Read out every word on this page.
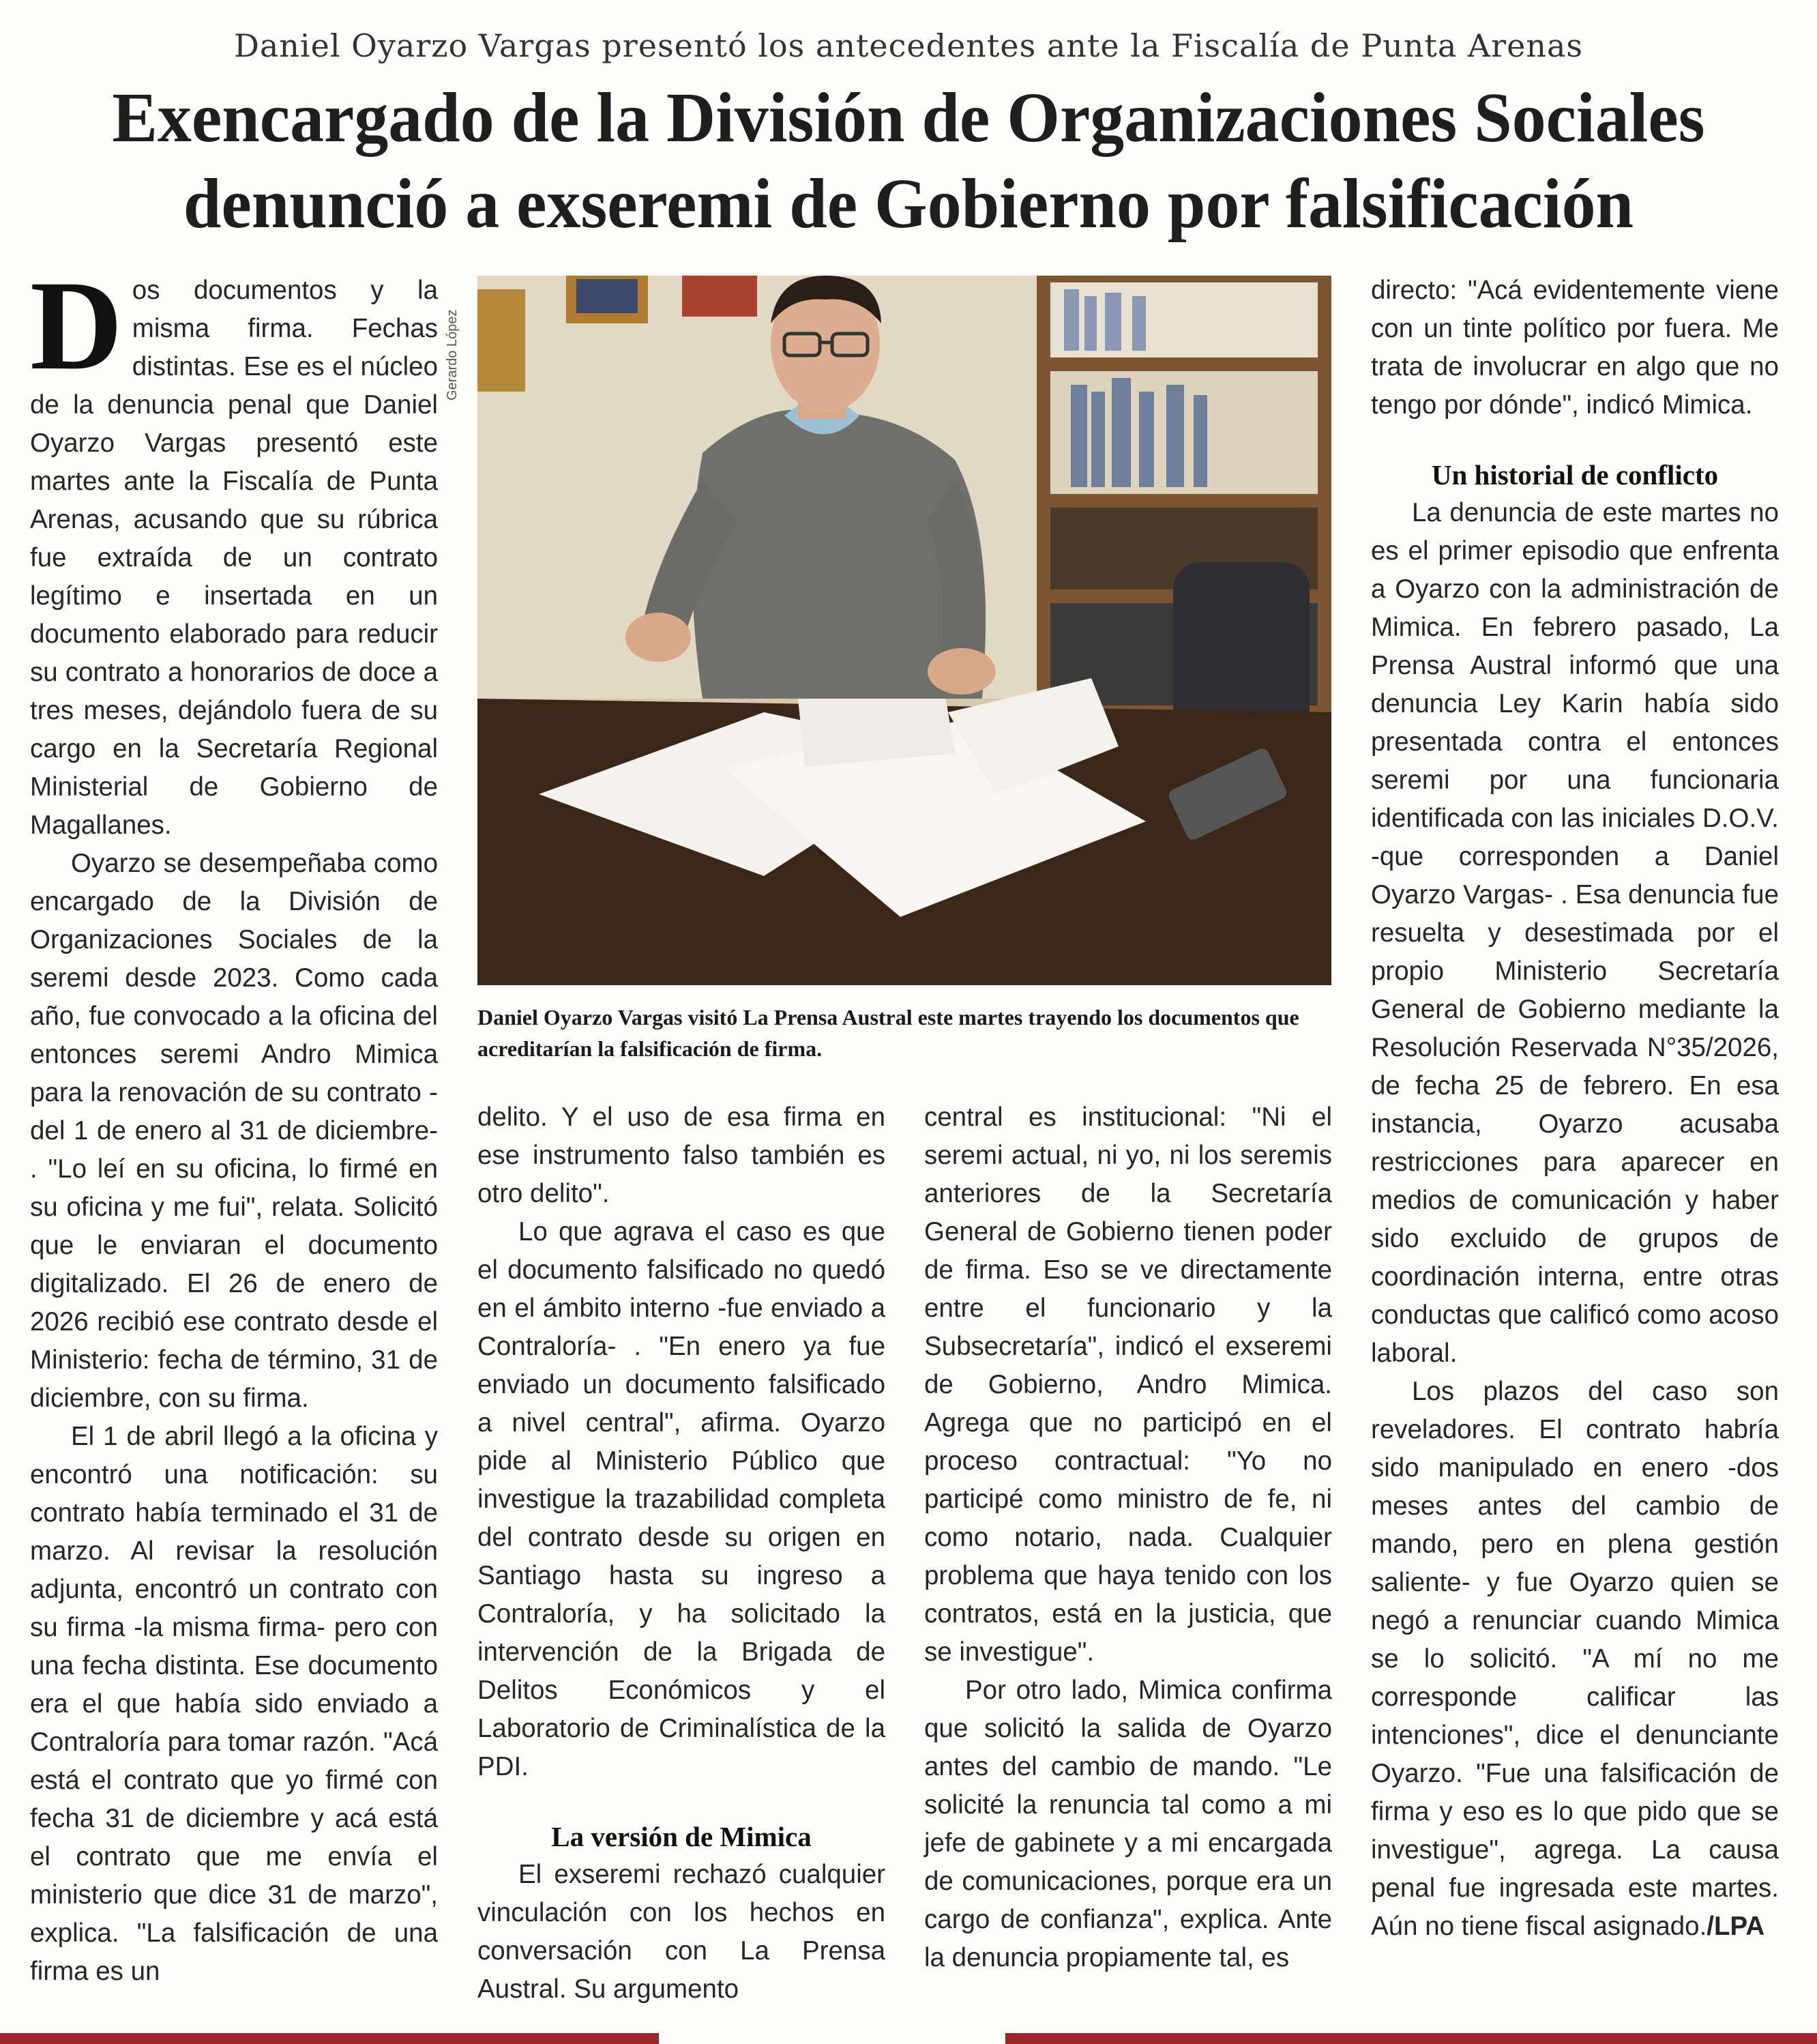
Daniel Oyarzo Vargas presentó los antecedentes ante la Fiscalía de Punta Arenas
Exencargado de la División de Organizaciones Sociales
denunció a exseremi de Gobierno por falsificación

Dos documentos y la misma firma. Fechas distintas. Ese es el núcleo de la denuncia penal que Daniel Oyarzo Vargas presentó este martes ante la Fiscalía de Punta Arenas, acusando que su rúbrica fue extraída de un contrato legítimo e insertada en un documento elaborado para reducir su contrato a honorarios de doce a tres meses, dejándolo fuera de su cargo en la Secretaría Regional Ministerial de Gobierno de Magallanes.

Oyarzo se desempeñaba como encargado de la División de Organizaciones Sociales de la seremi desde 2023. Como cada año, fue convocado a la oficina del entonces seremi Andro Mimica para la renovación de su contrato -del 1 de enero al 31 de diciembre- . "Lo leí en su oficina, lo firmé en su oficina y me fui", relata. Solicitó que le enviaran el documento digitalizado. El 26 de enero de 2026 recibió ese contrato desde el Ministerio: fecha de término, 31 de diciembre, con su firma.

El 1 de abril llegó a la oficina y encontró una notificación: su contrato había terminado el 31 de marzo. Al revisar la resolución adjunta, encontró un contrato con su firma -la misma firma- pero con una fecha distinta. Ese documento era el que había sido enviado a Contraloría para tomar razón. "Acá está el contrato que yo firmé con fecha 31 de diciembre y acá está el contrato que me envía el ministerio que dice 31 de marzo", explica. "La falsificación de una firma es un

Gerardo López
Daniel Oyarzo Vargas visitó La Prensa Austral este martes trayendo los documentos que acreditarían la falsificación de firma.

delito. Y el uso de esa firma en ese instrumento falso también es otro delito".

Lo que agrava el caso es que el documento falsificado no quedó en el ámbito interno -fue enviado a Contraloría- . "En enero ya fue enviado un documento falsificado a nivel central", afirma. Oyarzo pide al Ministerio Público que investigue la trazabilidad completa del contrato desde su origen en Santiago hasta su ingreso a Contraloría, y ha solicitado la intervención de la Brigada de Delitos Económicos y el Laboratorio de Criminalística de la PDI.

La versión de Mimica

El exseremi rechazó cualquier vinculación con los hechos en conversación con La Prensa Austral. Su argumento

central es institucional: "Ni el seremi actual, ni yo, ni los seremis anteriores de la Secretaría General de Gobierno tienen poder de firma. Eso se ve directamente entre el funcionario y la Subsecretaría", indicó el exseremi de Gobierno, Andro Mimica. Agrega que no participó en el proceso contractual: "Yo no participé como ministro de fe, ni como notario, nada. Cualquier problema que haya tenido con los contratos, está en la justicia, que se investigue".

Por otro lado, Mimica confirma que solicitó la salida de Oyarzo antes del cambio de mando. "Le solicité la renuncia tal como a mi jefe de gabinete y a mi encargada de comunicaciones, porque era un cargo de confianza", explica. Ante la denuncia propiamente tal, es

directo: "Acá evidentemente viene con un tinte político por fuera. Me trata de involucrar en algo que no tengo por dónde", indicó Mimica.

Un historial de conflicto

La denuncia de este martes no es el primer episodio que enfrenta a Oyarzo con la administración de Mimica. En febrero pasado, La Prensa Austral informó que una denuncia Ley Karin había sido presentada contra el entonces seremi por una funcionaria identificada con las iniciales D.O.V. -que corresponden a Daniel Oyarzo Vargas- . Esa denuncia fue resuelta y desestimada por el propio Ministerio Secretaría General de Gobierno mediante la Resolución Reservada N°35/2026, de fecha 25 de febrero. En esa instancia, Oyarzo acusaba restricciones para aparecer en medios de comunicación y haber sido excluido de grupos de coordinación interna, entre otras conductas que calificó como acoso laboral.

Los plazos del caso son reveladores. El contrato habría sido manipulado en enero -dos meses antes del cambio de mando, pero en plena gestión saliente- y fue Oyarzo quien se negó a renunciar cuando Mimica se lo solicitó. "A mí no me corresponde calificar las intenciones", dice el denunciante Oyarzo. "Fue una falsificación de firma y eso es lo que pido que se investigue", agrega. La causa penal fue ingresada este martes. Aún no tiene fiscal asignado./LPA
